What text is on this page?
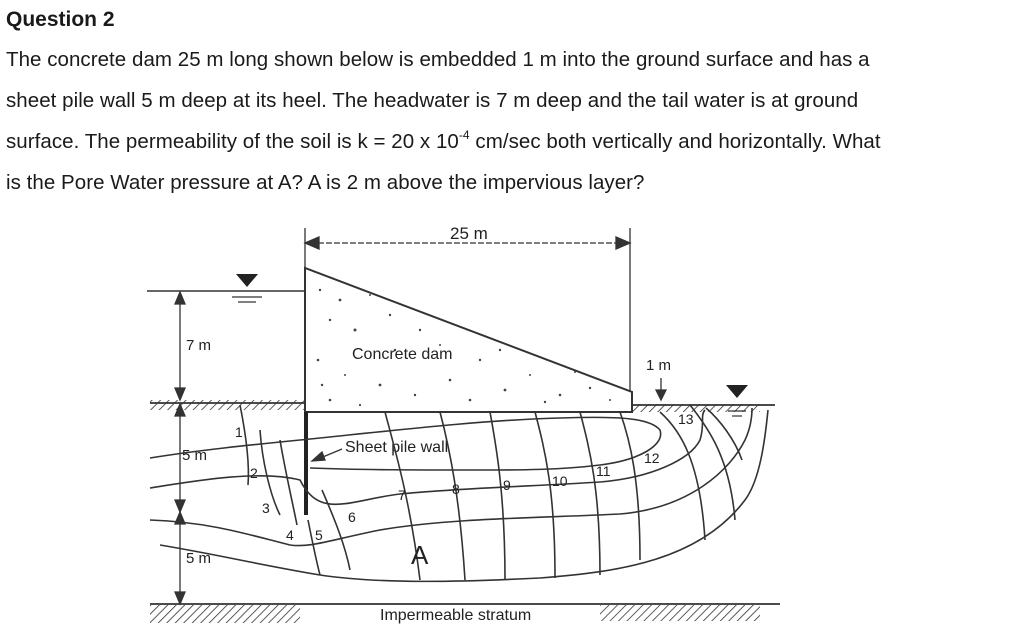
Question 2
The concrete dam 25 m long shown below is embedded 1 m into the ground surface and has a
sheet pile wall 5 m deep at its heel. The headwater is 7 m deep and the tail water is at ground
surface. The permeability of the soil is k = 20 x $10^{-4}$ cm/sec both vertically and horizontally. What
is the Pore Water pressure at A? A is 2 m above the impervious layer?
25 m
7 m
5 m
5 m
1 m
Concrete dam
Sheet pile wall
1
2
3
4 5
6
7	8	9	10
11
12
13
A
Impermeable stratum
